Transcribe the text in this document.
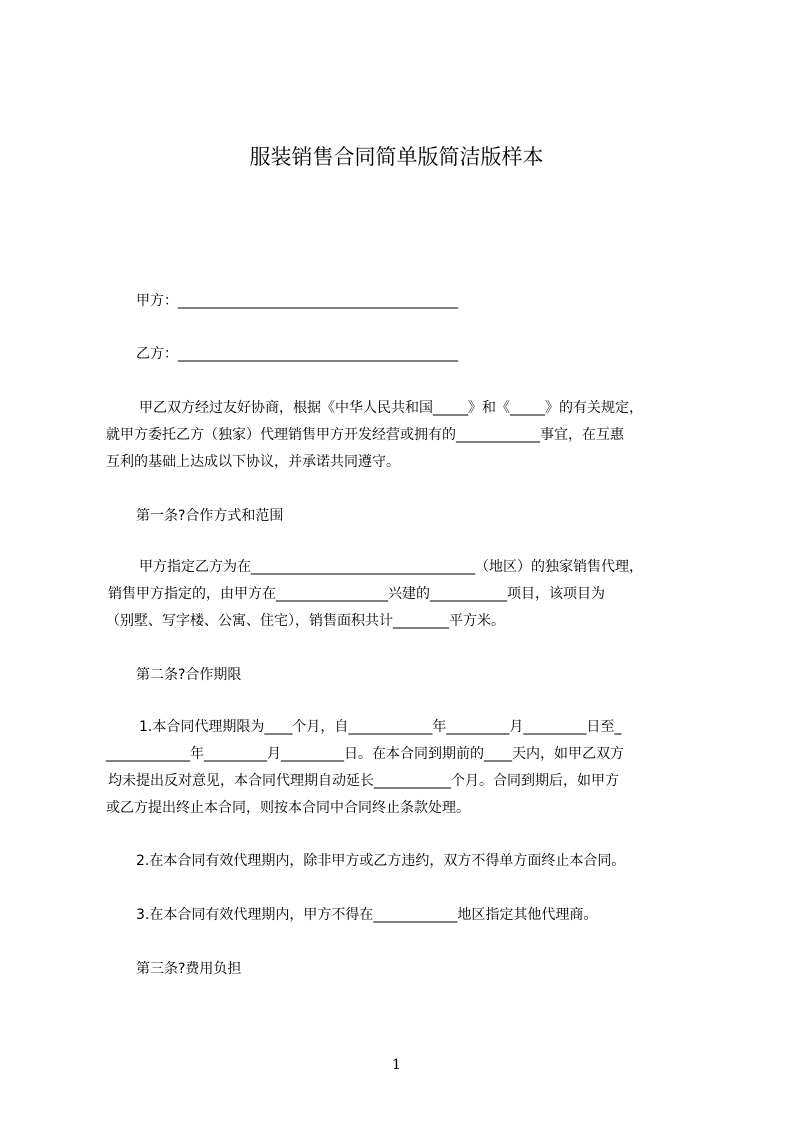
服装销售合同简单版简洁版样本

甲方：________________________________________

乙方：________________________________________

甲乙双方经过友好协商，根据《中华人民共和国_____》和《_____》的有关规定，

就甲方委托乙方（独家）代理销售甲方开发经营或拥有的____________事宜，在互惠

互利的基础上达成以下协议，并承诺共同遵守。

第一条?合作方式和范围

甲方指定乙方为在________________________________（地区）的独家销售代理，

销售甲方指定的，由甲方在________________兴建的___________项目，该项目为

（别墅、写字楼、公寓、住宅），销售面积共计________平方米。

第二条?合作期限

1.本合同代理期限为____个月，自____________年_________月_________日至_

____________年_________月_________日。在本合同到期前的____天内，如甲乙双方

均未提出反对意见，本合同代理期自动延长___________个月。合同到期后，如甲方

或乙方提出终止本合同，则按本合同中合同终止条款处理。

2.在本合同有效代理期内，除非甲方或乙方违约，双方不得单方面终止本合同。

3.在本合同有效代理期内，甲方不得在____________地区指定其他代理商。

第三条?费用负担

1
